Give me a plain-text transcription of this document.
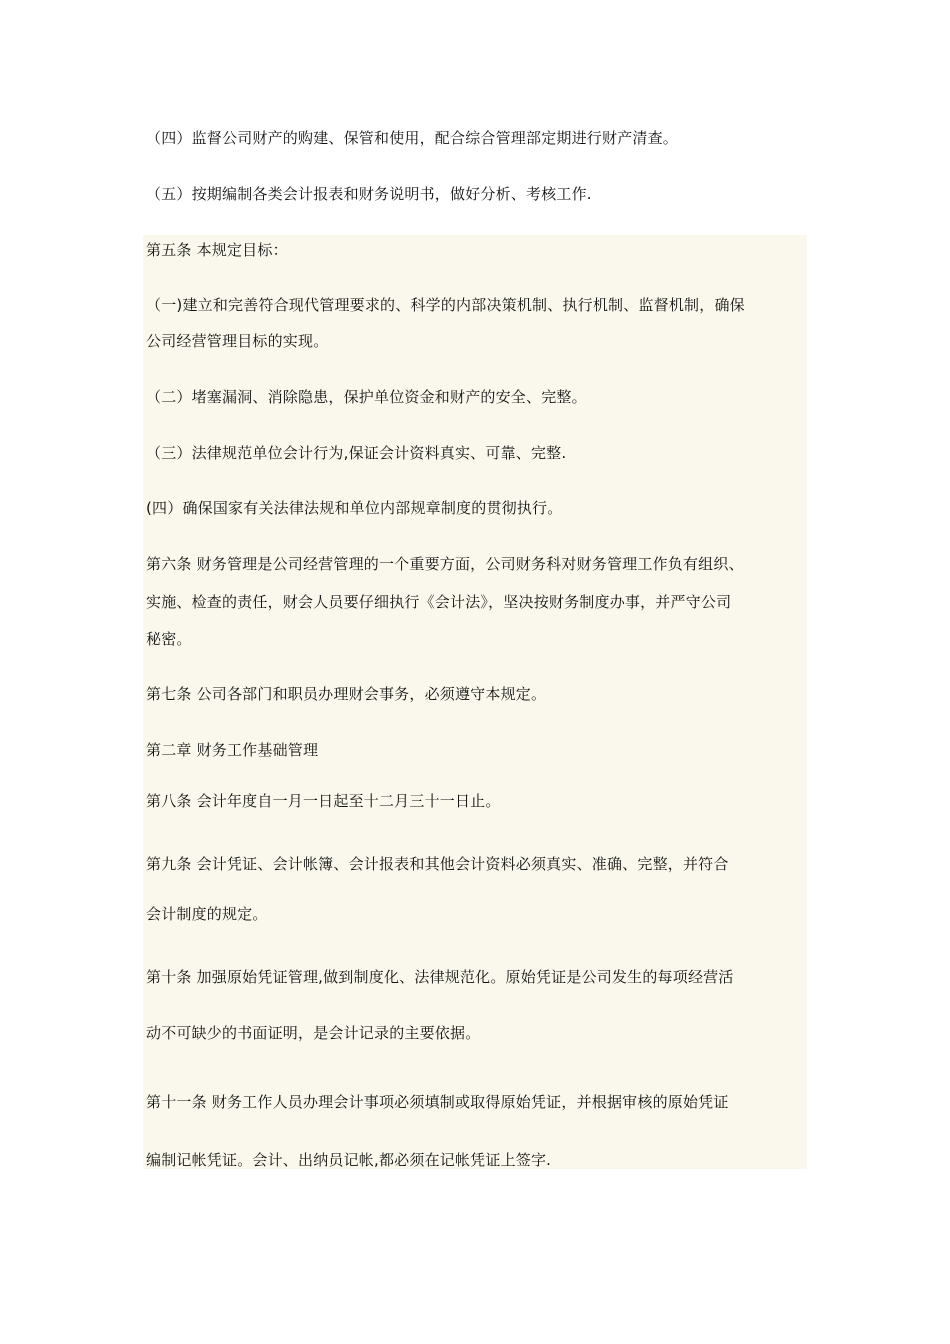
（四）监督公司财产的购建、保管和使用，配合综合管理部定期进行财产清查。
（五）按期编制各类会计报表和财务说明书，做好分析、考核工作.
第五条 本规定目标：
（一)建立和完善符合现代管理要求的、科学的内部决策机制、执行机制、监督机制，确保
公司经营管理目标的实现。
（二）堵塞漏洞、消除隐患，保护单位资金和财产的安全、完整。
（三）法律规范单位会计行为,保证会计资料真实、可靠、完整.
(四）确保国家有关法律法规和单位内部规章制度的贯彻执行。
第六条 财务管理是公司经营管理的一个重要方面，公司财务科对财务管理工作负有组织、
实施、检查的责任，财会人员要仔细执行《会计法》，坚决按财务制度办事，并严守公司
秘密。
第七条 公司各部门和职员办理财会事务，必须遵守本规定。
第二章 财务工作基础管理
第八条 会计年度自一月一日起至十二月三十一日止。
第九条 会计凭证、会计帐簿、会计报表和其他会计资料必须真实、准确、完整，并符合
会计制度的规定。
第十条 加强原始凭证管理,做到制度化、法律规范化。原始凭证是公司发生的每项经营活
动不可缺少的书面证明，是会计记录的主要依据。
第十一条 财务工作人员办理会计事项必须填制或取得原始凭证，并根据审核的原始凭证
编制记帐凭证。会计、出纳员记帐,都必须在记帐凭证上签字.
